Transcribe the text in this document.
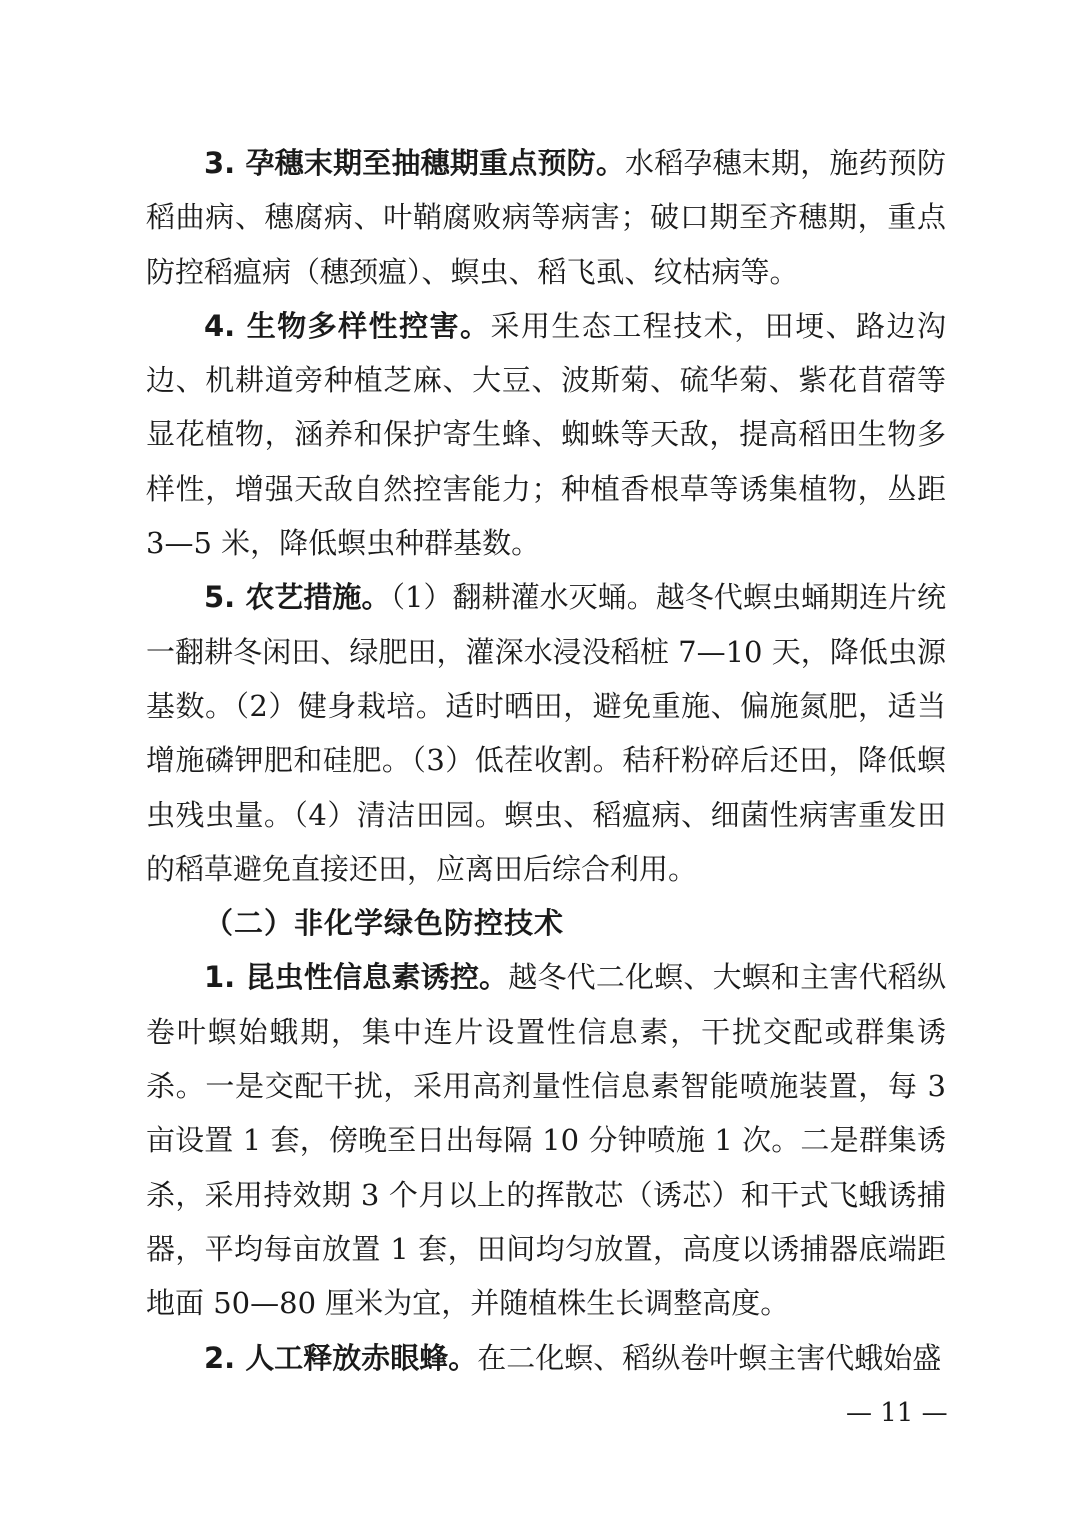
3. 孕穗末期至抽穗期重点预防。水稻孕穗末期，施药预防稻曲病、穗腐病、叶鞘腐败病等病害；破口期至齐穗期，重点防控稻瘟病（穗颈瘟）、螟虫、稻飞虱、纹枯病等。

4. 生物多样性控害。采用生态工程技术，田埂、路边沟边、机耕道旁种植芝麻、大豆、波斯菊、硫华菊、紫花苜蓿等显花植物，涵养和保护寄生蜂、蜘蛛等天敌，提高稻田生物多样性，增强天敌自然控害能力；种植香根草等诱集植物，丛距 3—5 米，降低螟虫种群基数。

5. 农艺措施。（1）翻耕灌水灭蛹。越冬代螟虫蛹期连片统一翻耕冬闲田、绿肥田，灌深水浸没稻桩 7—10 天，降低虫源基数。（2）健身栽培。适时晒田，避免重施、偏施氮肥，适当增施磷钾肥和硅肥。（3）低茬收割。秸秆粉碎后还田，降低螟虫残虫量。（4）清洁田园。螟虫、稻瘟病、细菌性病害重发田的稻草避免直接还田，应离田后综合利用。

（二）非化学绿色防控技术

1. 昆虫性信息素诱控。越冬代二化螟、大螟和主害代稻纵卷叶螟始蛾期，集中连片设置性信息素，干扰交配或群集诱杀。一是交配干扰，采用高剂量性信息素智能喷施装置，每 3 亩设置 1 套，傍晚至日出每隔 10 分钟喷施 1 次。二是群集诱杀，采用持效期 3 个月以上的挥散芯（诱芯）和干式飞蛾诱捕器，平均每亩放置 1 套，田间均匀放置，高度以诱捕器底端距地面 50—80 厘米为宜，并随植株生长调整高度。

2. 人工释放赤眼蜂。在二化螟、稻纵卷叶螟主害代蛾始盛

— 11 —
